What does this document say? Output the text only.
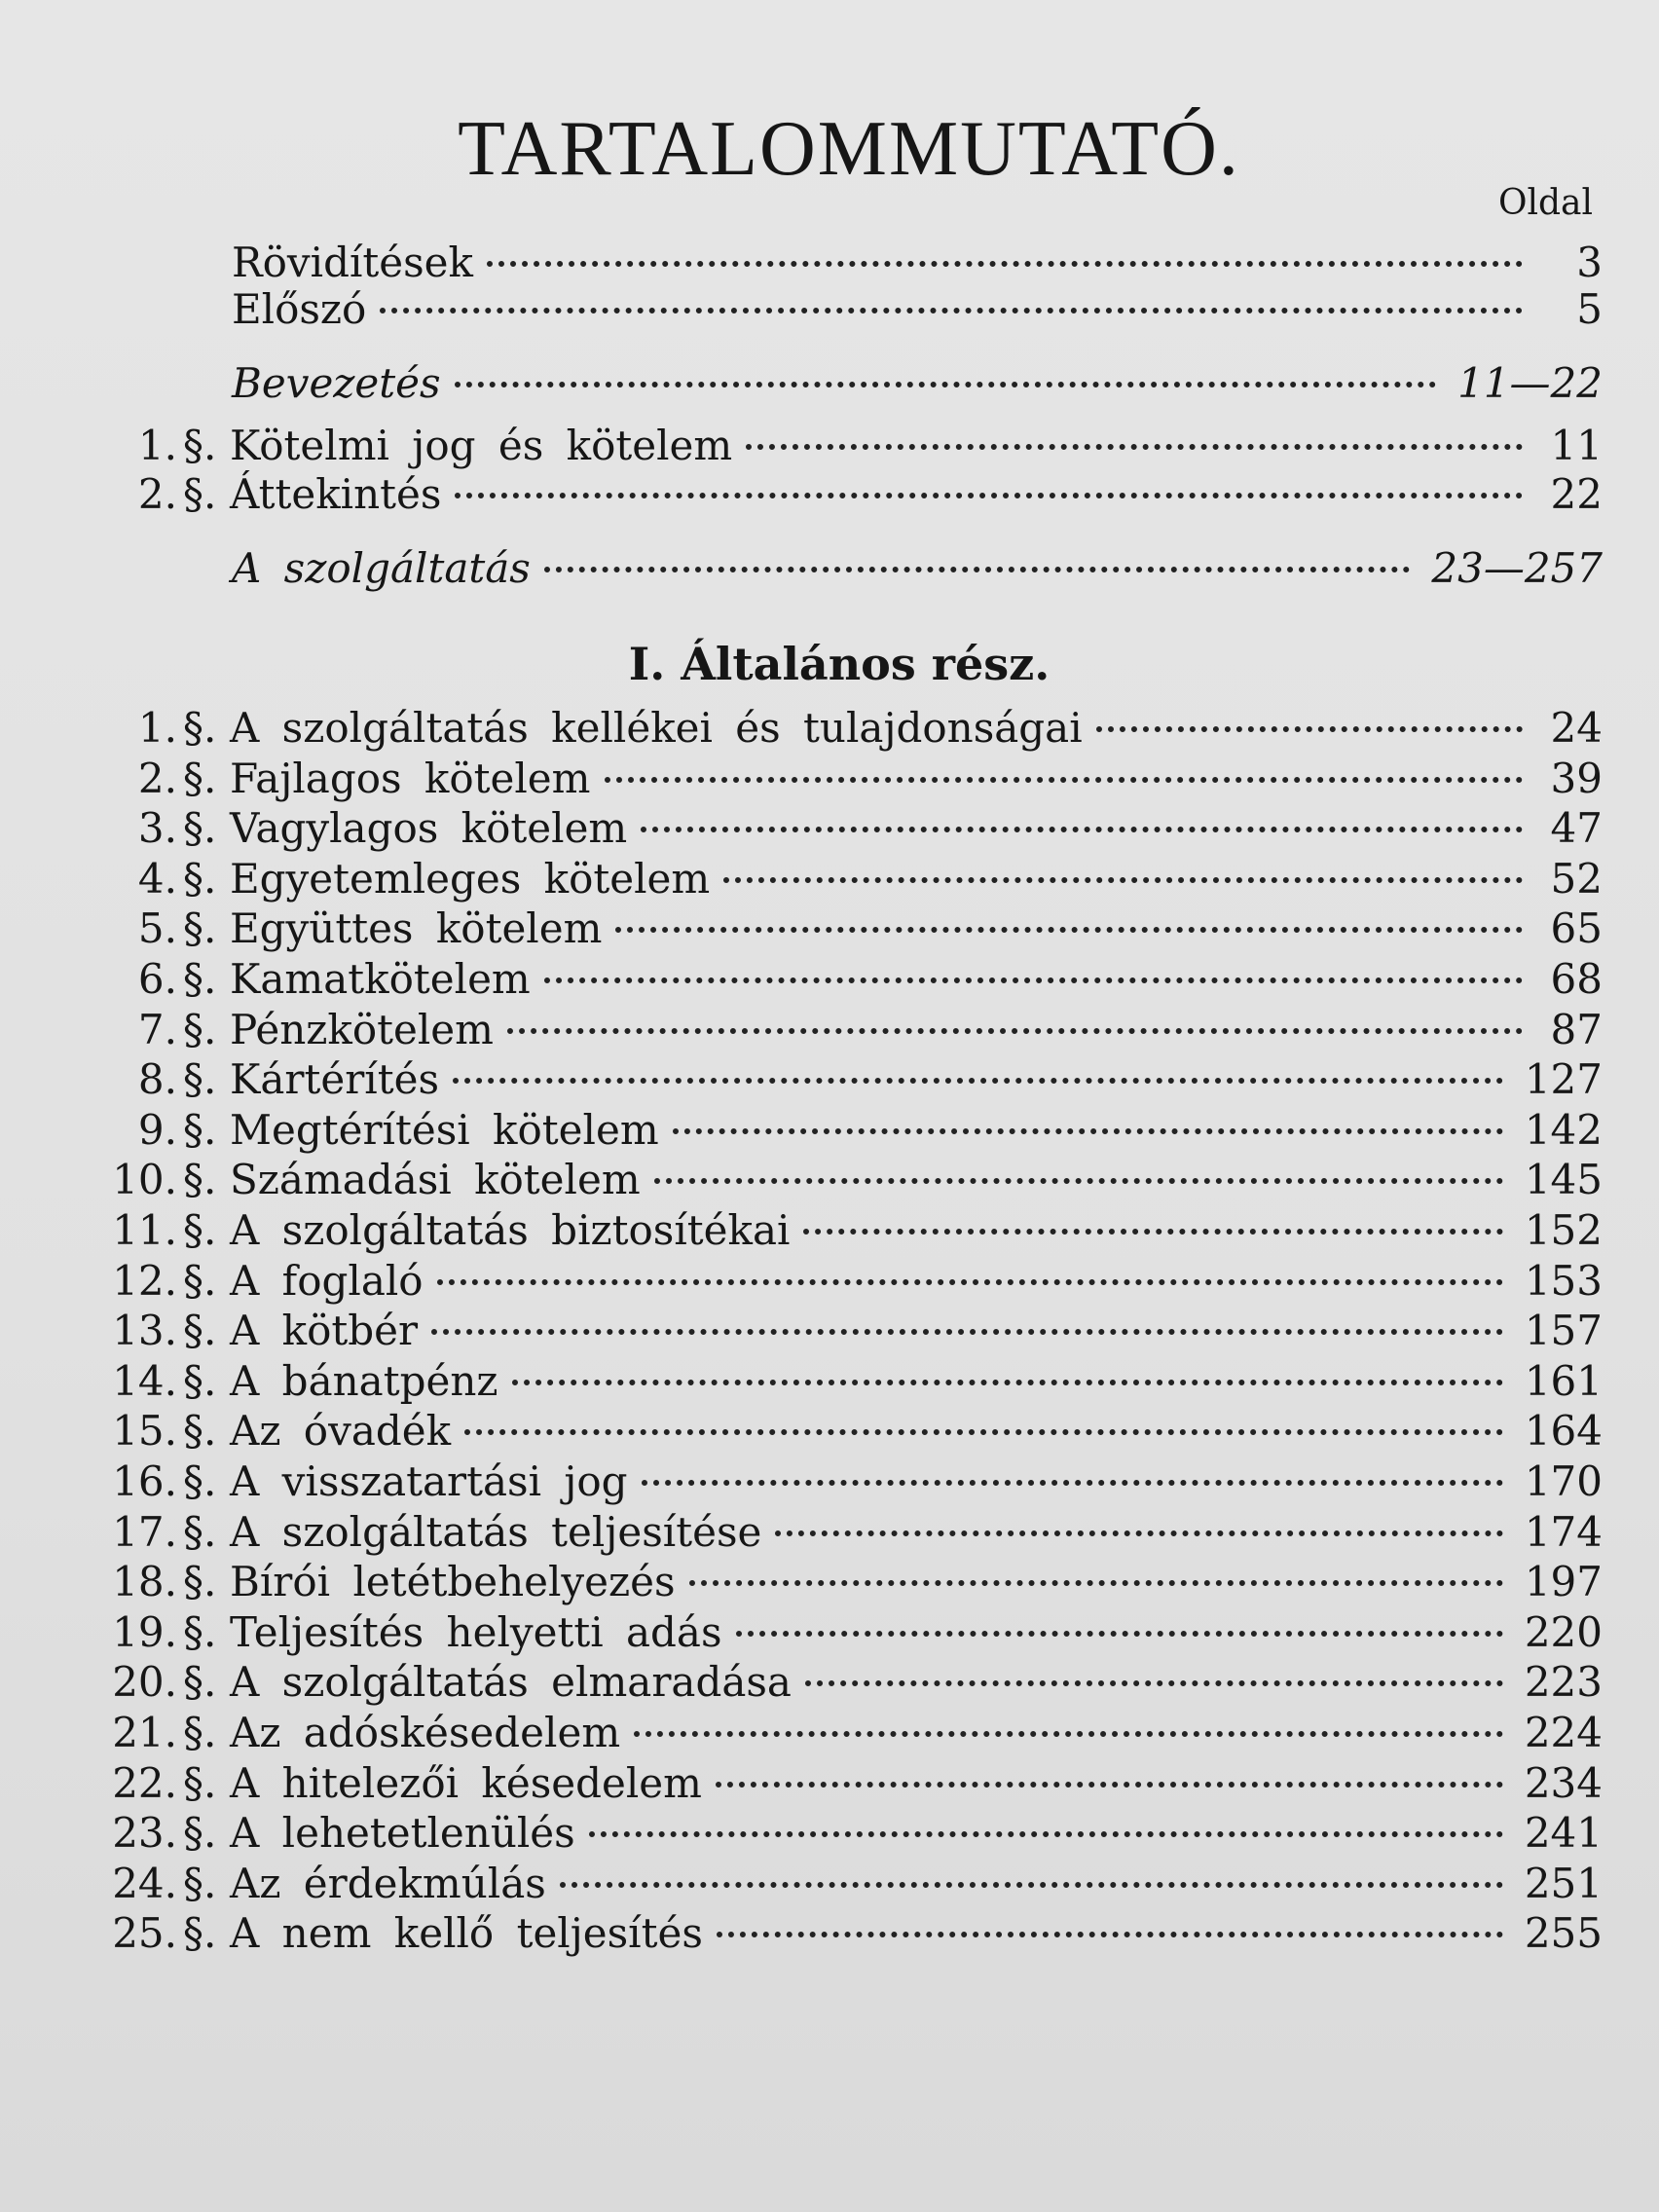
TARTALOMMUTATÓ.
Oldal
Rövidítések	3
Előszó	5
Bevezetés	11—22
1. §. Kötelmi jog és kötelem	11
2. §. Áttekintés	22
A szolgáltatás	23—257
I. Általános rész.
1. §. A szolgáltatás kellékei és tulajdonságai	24
2. §. Fajlagos kötelem	39
3. §. Vagylagos kötelem	47
4. §. Egyetemleges kötelem	52
5. §. Együttes kötelem	65
6. §. Kamatkötelem	68
7. §. Pénzkötelem	87
8. §. Kártérítés	127
9. §. Megtérítési kötelem	142
10. §. Számadási kötelem	145
11. §. A szolgáltatás biztosítékai	152
12. §. A foglaló	153
13. §. A kötbér	157
14. §. A bánatpénz	161
15. §. Az óvadék	164
16. §. A visszatartási jog	170
17. §. A szolgáltatás teljesítése	174
18. §. Bírói letétbehelyezés	197
19. §. Teljesítés helyetti adás	220
20. §. A szolgáltatás elmaradása	223
21. §. Az adóskésedelem	224
22. §. A hitelezői késedelem	234
23. §. A lehetetlenülés	241
24. §. Az érdekmúlás	251
25. §. A nem kellő teljesítés	255
